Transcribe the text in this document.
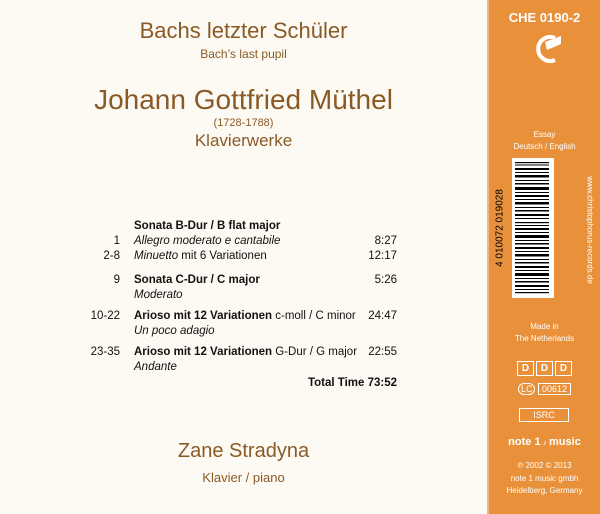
Bachs letzter Schüler
Bach’s last pupil
Johann Gottfried Müthel
(1728-1788)
Klavierwerke
Sonata B-Dur / B flat major
1 Allegro moderato e cantabile	8:27
2-8 Minuetto mit 6 Variationen	12:17
9 Sonata C-Dur / C major	5:26
Moderato
10-22 Arioso mit 12 Variationen c-moll / C minor 24:47
Un poco adagio
23-35 Arioso mit 12 Variationen G-Dur / G major 22:55
Andante
Total Time 73:52
Zane Stradyna
Klavier / piano
CHE 0190-2
Essay
Deutsch / English
4 010072 019028	www.christophorus-records.de
Made in
The Netherlands
D D D
LC 00612
ISRC
note 1 ♪ music
℗ 2002 © 2013
note 1 music gmbh
Heidelberg, Germany
